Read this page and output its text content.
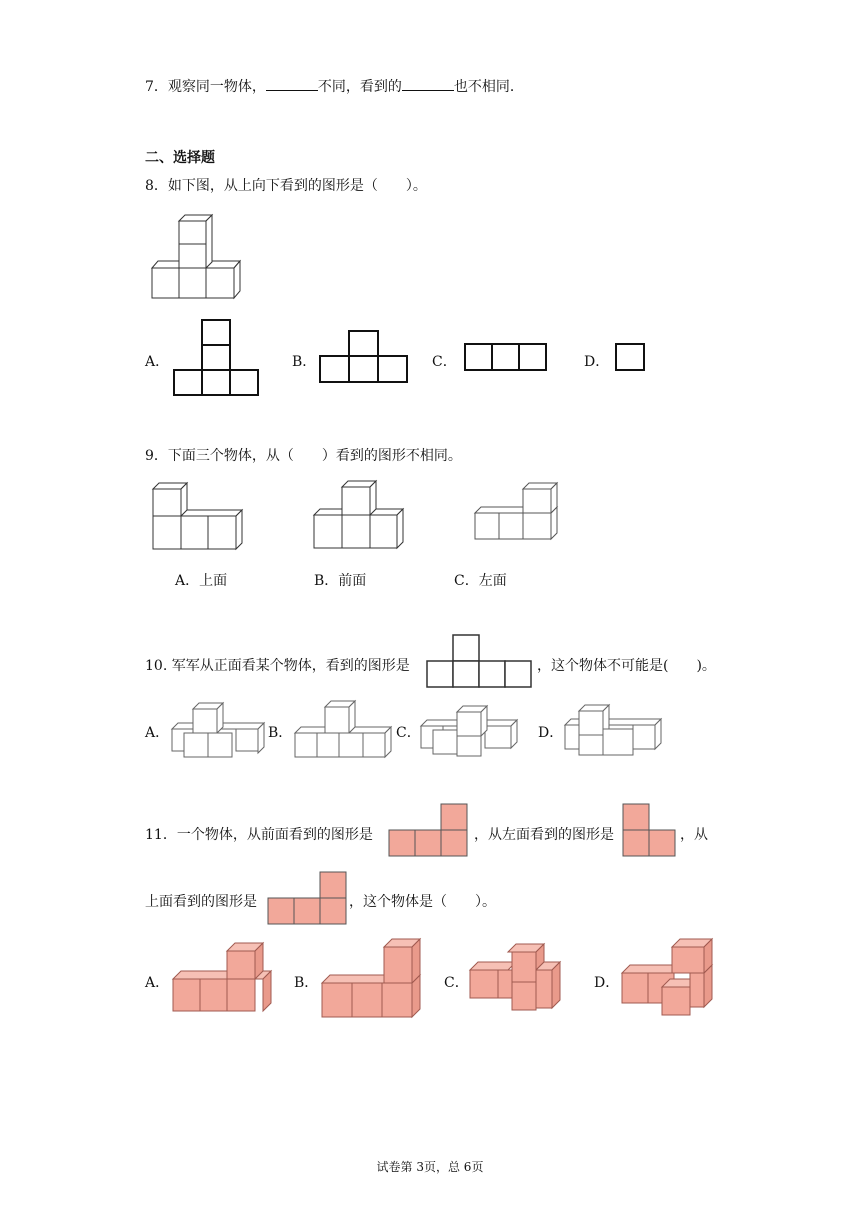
7．观察同一物体，	不同，看到的	也不相同．
二、选择题
8．如下图，从上向下看到的图形是（　　）。
A．	B．	C．	D．
9．下面三个物体，从（　　）看到的图形不相同。
A．上面	B．前面	C．左面
10. 军军从正面看某个物体，看到的图形是	，这个物体不可能是(　　)。
A．	B．	C．	D．
11．一个物体，从前面看到的图形是	，从左面看到的图形是	，从
上面看到的图形是	，这个物体是（　　）。
A．	B．	C．	D．
试卷第 3页，总 6页
